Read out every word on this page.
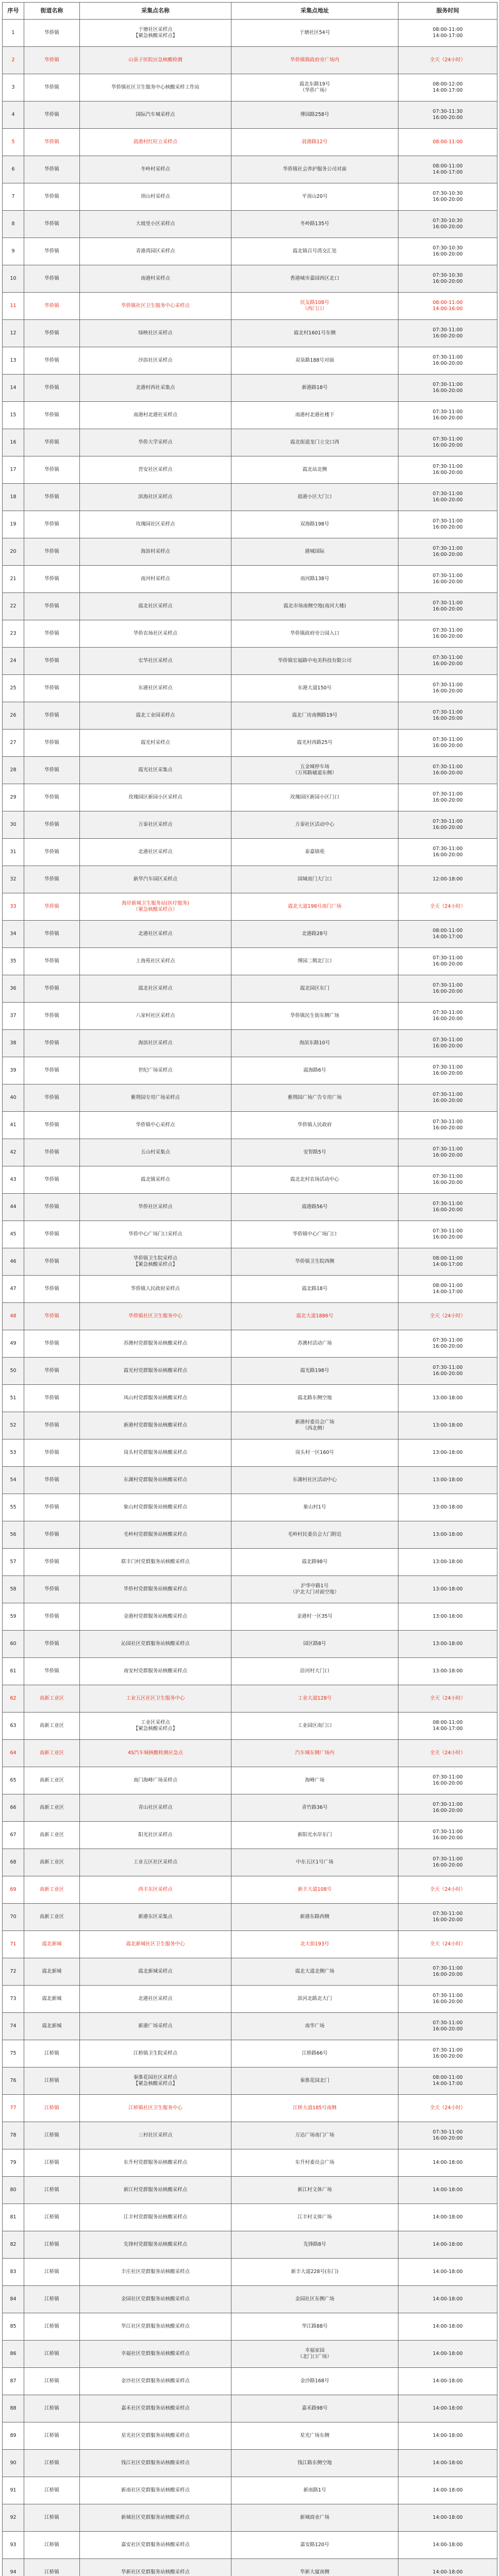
序号	街道名称	采集点名称	采集点地址	服务时间
1	华侨镇	于塘社区采样点
【紧急核酸采样点】	于塘社区54号	08:00-11:00
14:00-17:00
2	华侨镇	山泉子医院应急核酸检测	华侨镇镇政府旁广场内	全天（24小时）
3	华侨镇	华侨镇社区卫生服务中心核酸采样工作站	霞北东路19号
（华侨广场）	08:00-12:00
14:00-17:00
4	华侨镇	国际汽车城采样点	博园路258号	07:30-11:30
16:00-20:00
5	华侨镇	晨港村红旺立采样点	晨港路12号	08:00-11:00
6	华侨镇	冬岭村采样点	华侨镇社会养护服务公司对面	08:00-11:00
14:00-17:00
7	华侨镇	坝山村采样点	平顶山20号	07:30-10:30
16:00-20:00
8	华侨镇	大坡里小区采样点	冬岭路135号	07:30-10:30
16:00-20:00
9	华侨镇	青港湾园区采样点	霞北镇百号湾交汇处	07:30-10:30
16:00-20:00
10	华侨镇	南港村采样点	香港城市嘉园西区北口	07:30-10:30
16:00-20:00
11	华侨镇	华侨镇社区卫生服务中心采样点	民友路108号
（西门口）	08:00-11:00
14:00-16:00
12	华侨镇	绿映社区采样点	霞北村1601号东侧	07:30-11:00
16:00-20:00
13	华侨镇	沙滨社区采样点	双泉路188号对面	07:30-11:00
16:00-20:00
14	华侨镇	北港村西社采集点	新港路18号	07:30-11:00
16:00-20:00
15	华侨镇	南港村北港社采样点	南港村北港社楼下	07:30-11:00
16:00-20:00
16	华侨镇	华侨大学采样点	霞北街道龙门立交口西	07:30-11:00
16:00-20:00
17	华侨镇	晋安社区采样点	霞北站北侧	07:30-11:00
16:00-20:00
18	华侨镇	滨海社区采样点	晨港小区大门口	07:30-11:00
16:00-20:00
19	华侨镇	玫瑰园社区采样点	双海路198号	07:30-11:00
16:00-20:00
20	华侨镇	海滨村采样点	港城国际	07:30-11:00
16:00-20:00
21	华侨镇	南河村采样点	南河路138号	07:30-11:00
16:00-20:00
22	华侨镇	霞北社区采样点	霞北市场南侧空地(南河大楼)	07:30-11:00
16:00-20:00
23	华侨镇	华侨农场社区采样点	华侨镇政府旁公园入口	07:30-11:00
16:00-20:00
24	华侨镇	宏华社区采样点	华侨镇宏福路中电美科技有限公司	07:30-11:00
16:00-20:00
25	华侨镇	东港社区采样点	东港大道150号	07:30-11:00
16:00-20:00
26	华侨镇	霞北工业园采样点	霞北厂房南侧路19号	07:30-11:00
16:00-20:00
27	华侨镇	霞光村采样点	霞光村西路25号	07:30-11:00
16:00-20:00
28	华侨镇	霞光社区采集点	五金城停车场
（万邦路辅道东侧）	07:30-11:00
16:00-20:00
29	华侨镇	玫瑰园区新园小区采样点	玫瑰园区新园小区门口	07:30-11:00
16:00-20:00
30	华侨镇	万泰社区采样点	万泰社区活动中心	07:30-11:00
16:00-20:00
31	华侨镇	北港社区采样点	泰嘉锦苑	07:30-11:00
16:00-20:00
32	华侨镇	新华汽车园区采样点	国城南门大门口	12:00-18:00
33	华侨镇	海岸新城卫生服务站(医疗服务)
（紧急核酸采样点）	霞北大道198号南门广场	全天（24小时）
34	华侨镇	北港社区采样点	北港路28号	08:00-11:00
14:00-17:00
35	华侨镇	上海苑社区采样点	博园二期北门口	07:30-11:00
16:00-20:00
36	华侨镇	霞北社区采样点	霞北园区东门	07:30-11:00
16:00-20:00
37	华侨镇	八家村社区采样点	华侨镇民生街东侧广场	07:30-11:00
16:00-20:00
38	华侨镇	海滨社区采样点	海滨东路10号	07:30-11:00
16:00-20:00
39	华侨镇	世纪广场采样点	霞海路6号	07:30-11:00
16:00-20:00
40	华侨镇	紫荆园专用广场采样点	紫荆园广场广告专用广场	07:30-11:00
16:00-20:00
41	华侨镇	华侨镇中心采样点	华侨镇人民政府	07:30-11:00
16:00-20:00
42	华侨镇	五山村采集点	安智路5号	07:30-11:00
16:00-20:00
43	华侨镇	霞北镇采样点	霞北北村农场活动中心	07:30-11:00
16:00-20:00
44	华侨镇	华侨社区采样点	霞港路56号	07:30-11:00
16:00-20:00
45	华侨镇	华侨中心广场门口采样点	华侨镇中心广场门口	07:30-11:00
16:00-20:00
46	华侨镇	华侨镇卫生院采样点
【紧急核酸采样点】	华侨镇卫生院西侧	08:00-11:00
14:00-17:00
47	华侨镇	华侨镇人民政府采样点	霞北路18号	08:00-11:00
14:00-17:00
48	华侨镇	华侨镇社区卫生服务中心	霞北大道1886号	全天（24小时）
49	华侨镇	苏澳村党群服务站核酸采样点	苏澳村活动广场	07:30-11:00
16:00-20:00
50	华侨镇	霞光村党群服务站核酸采样点	霞光路198号	07:30-11:00
16:00-20:00
51	华侨镇	凤山村党群服务站核酸采样点	霞北路东侧空地	13:00-18:00
52	华侨镇	新港村党群服务站核酸采样点	新港村委员会广场
（西北侧）	13:00-18:00
53	华侨镇	岗头村党群服务站核酸采样点	岗头村一区160号	13:00-18:00
54	华侨镇	东湖村党群服务站核酸采样点	东湖村社区活动中心	13:00-18:00
55	华侨镇	象山村党群服务站核酸采样点	象山村1号	13:00-18:00
56	华侨镇	毛岭村党群服务站核酸采样点	毛岭村民委员会大门附近	13:00-18:00
57	华侨镇	联丰门村党群服务站核酸采样点	霞北路98号	13:00-18:00
58	华侨镇	华侨村党群服务站核酸采样点	沪华中路1号
（沪北大门对面空地）	13:00-18:00
59	华侨镇	金港村党群服务站核酸采样点	金港村一区35号	13:00-18:00
60	华侨镇	沁园社区党群服务站核酸采样点	园区路8号	13:00-18:00
61	华侨镇	南安村党群服务站核酸采样点	沿河村大门口	13:00-18:00
62	高新工业区	工业五区社区卫生服务中心	工业大道128号	全天（24小时）
63	高新工业区	工业区采样点
【紧急核酸采样点】	工业园区南门口	08:00-11:00
14:00-17:00
64	高新工业区	4S汽车城核酸检测应急点	汽车城东侧广场内	全天（24小时）
65	高新工业区	南门海峰广场采样点	海峰广场	07:30-11:00
16:00-20:00
66	高新工业区	青山社区采样点	青竹路36号	07:30-11:00
16:00-20:00
67	高新工业区	阳光社区采样点	新阳光水岸东门	07:30-11:00
16:00-20:00
68	高新工业区	工业五区社区采样点	中东五区1号广场	07:30-11:00
16:00-20:00
69	高新工业区	西丰东区采样点	新丰大道108号	全天（24小时）
70	高新工业区	新港东区采集点	新港东路西侧	07:30-11:00
16:00-20:00
71	霞北新城	霞北新城社区卫生服务中心	北大街193号	全天（24小时）
72	霞北新城	霞北新城采样点	霞北大道北侧广场	07:30-11:00
16:00-20:00
73	霞北新城	北港社区采样点	滨河北路北大门	07:30-11:00
16:00-20:00
74	霞北新城	新港广场采样点	南华广场	07:30-11:00
16:00-20:00
75	江桥镇	江桥镇卫生院采样点	江桥路66号	07:30-11:00
16:00-20:00
76	江桥镇	秦淮花园社区采样点
【紧急核酸采样点】	秦淮花园北门	08:00-11:00
14:00-17:00
77	江桥镇	江桥镇社区卫生服务中心	江桥大道185号南侧	全天（24小时）
78	江桥镇	三村社区采样点	万达广场南门广场	07:30-11:00
16:00-20:00
79	江桥镇	东升村党群服务站核酸采样点	东升村委员会广场	14:00-18:00
80	江桥镇	新江村党群服务站核酸采样点	新江村文体广场	14:00-18:00
81	江桥镇	江丰村党群服务站核酸采样点	江丰村文体广场	14:00-18:00
82	江桥镇	先锋村党群服务站核酸采样点	先锋路8号	14:00-18:00
83	江桥镇	丰庄社区党群服务站核酸采样点	新丰大道228号(东门)	14:00-18:00
84	江桥镇	金园社区党群服务站核酸采样点	金园社区东侧广场	14:00-18:00
85	江桥镇	华江社区党群服务站核酸采样点	华江路88号	14:00-18:00
86	江桥镇	幸福社区党群服务站核酸采样点	幸福家园
（北门口广场）	14:00-18:00
87	江桥镇	金沙社区党群服务站核酸采样点	金沙路168号	14:00-18:00
88	江桥镇	嘉禾社区党群服务站核酸采样点	嘉禾路98号	14:00-18:00
89	江桥镇	星光社区党群服务站核酸采样点	星光广场东侧	14:00-18:00
90	江桥镇	钱江社区党群服务站核酸采样点	钱江路东侧空地	14:00-18:00
91	江桥镇	新南社区党群服务站核酸采样点	新南路1号	14:00-18:00
92	江桥镇	新城社区党群服务站核酸采样点	新城商业广场	14:00-18:00
93	江桥镇	嘉安社区党群服务站核酸采样点	嘉安路120号	14:00-18:00
94	江桥镇	华新社区党群服务站核酸采样点	华新大厦南侧	14:00-18:00
